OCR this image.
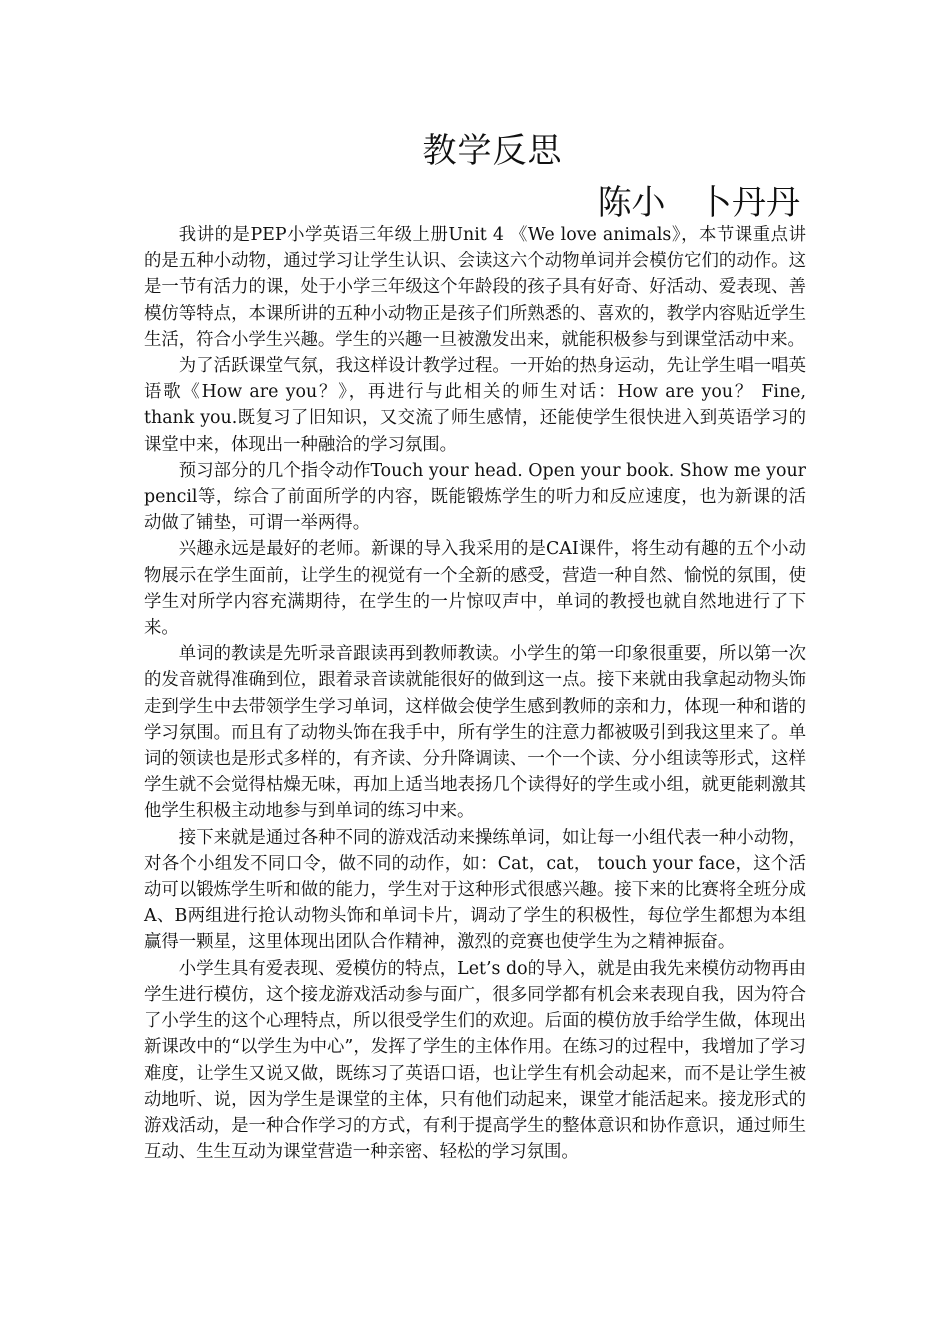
教学反思
陈小   卜丹丹

我讲的是PEP小学英语三年级上册Unit 4 《We love animals》，本节课重点讲的是五种小动物，通过学习让学生认识、会读这六个动物单词并会模仿它们的动作。这是一节有活力的课，处于小学三年级这个年龄段的孩子具有好奇、好活动、爱表现、善模仿等特点，本课所讲的五种小动物正是孩子们所熟悉的、喜欢的，教学内容贴近学生生活，符合小学生兴趣。学生的兴趣一旦被激发出来，就能积极参与到课堂活动中来。

为了活跃课堂气氛，我这样设计教学过程。一开始的热身运动，先让学生唱一唱英语歌《How are you？》，再进行与此相关的师生对话：How are you？ Fine, thank you.既复习了旧知识，又交流了师生感情，还能使学生很快进入到英语学习的课堂中来，体现出一种融洽的学习氛围。

预习部分的几个指令动作Touch your head. Open your book. Show me your pencil等，综合了前面所学的内容，既能锻炼学生的听力和反应速度，也为新课的活动做了铺垫，可谓一举两得。

兴趣永远是最好的老师。新课的导入我采用的是CAI课件，将生动有趣的五个小动物展示在学生面前，让学生的视觉有一个全新的感受，营造一种自然、愉悦的氛围，使学生对所学内容充满期待，在学生的一片惊叹声中，单词的教授也就自然地进行了下来。

单词的教读是先听录音跟读再到教师教读。小学生的第一印象很重要，所以第一次的发音就得准确到位，跟着录音读就能很好的做到这一点。接下来就由我拿起动物头饰走到学生中去带领学生学习单词，这样做会使学生感到教师的亲和力，体现一种和谐的学习氛围。而且有了动物头饰在我手中，所有学生的注意力都被吸引到我这里来了。单词的领读也是形式多样的，有齐读、分升降调读、一个一个读、分小组读等形式，这样学生就不会觉得枯燥无味，再加上适当地表扬几个读得好的学生或小组，就更能刺激其他学生积极主动地参与到单词的练习中来。

接下来就是通过各种不同的游戏活动来操练单词，如让每一小组代表一种小动物，对各个小组发不同口令，做不同的动作，如：Cat，cat， touch your face，这个活动可以锻炼学生听和做的能力，学生对于这种形式很感兴趣。接下来的比赛将全班分成A、B两组进行抢认动物头饰和单词卡片，调动了学生的积极性，每位学生都想为本组赢得一颗星，这里体现出团队合作精神，激烈的竞赛也使学生为之精神振奋。

小学生具有爱表现、爱模仿的特点，Let’s do的导入，就是由我先来模仿动物再由学生进行模仿，这个接龙游戏活动参与面广，很多同学都有机会来表现自我，因为符合了小学生的这个心理特点，所以很受学生们的欢迎。后面的模仿放手给学生做，体现出新课改中的“以学生为中心”，发挥了学生的主体作用。在练习的过程中，我增加了学习难度，让学生又说又做，既练习了英语口语，也让学生有机会动起来，而不是让学生被动地听、说，因为学生是课堂的主体，只有他们动起来，课堂才能活起来。接龙形式的游戏活动，是一种合作学习的方式，有利于提高学生的整体意识和协作意识，通过师生互动、生生互动为课堂营造一种亲密、轻松的学习氛围。
